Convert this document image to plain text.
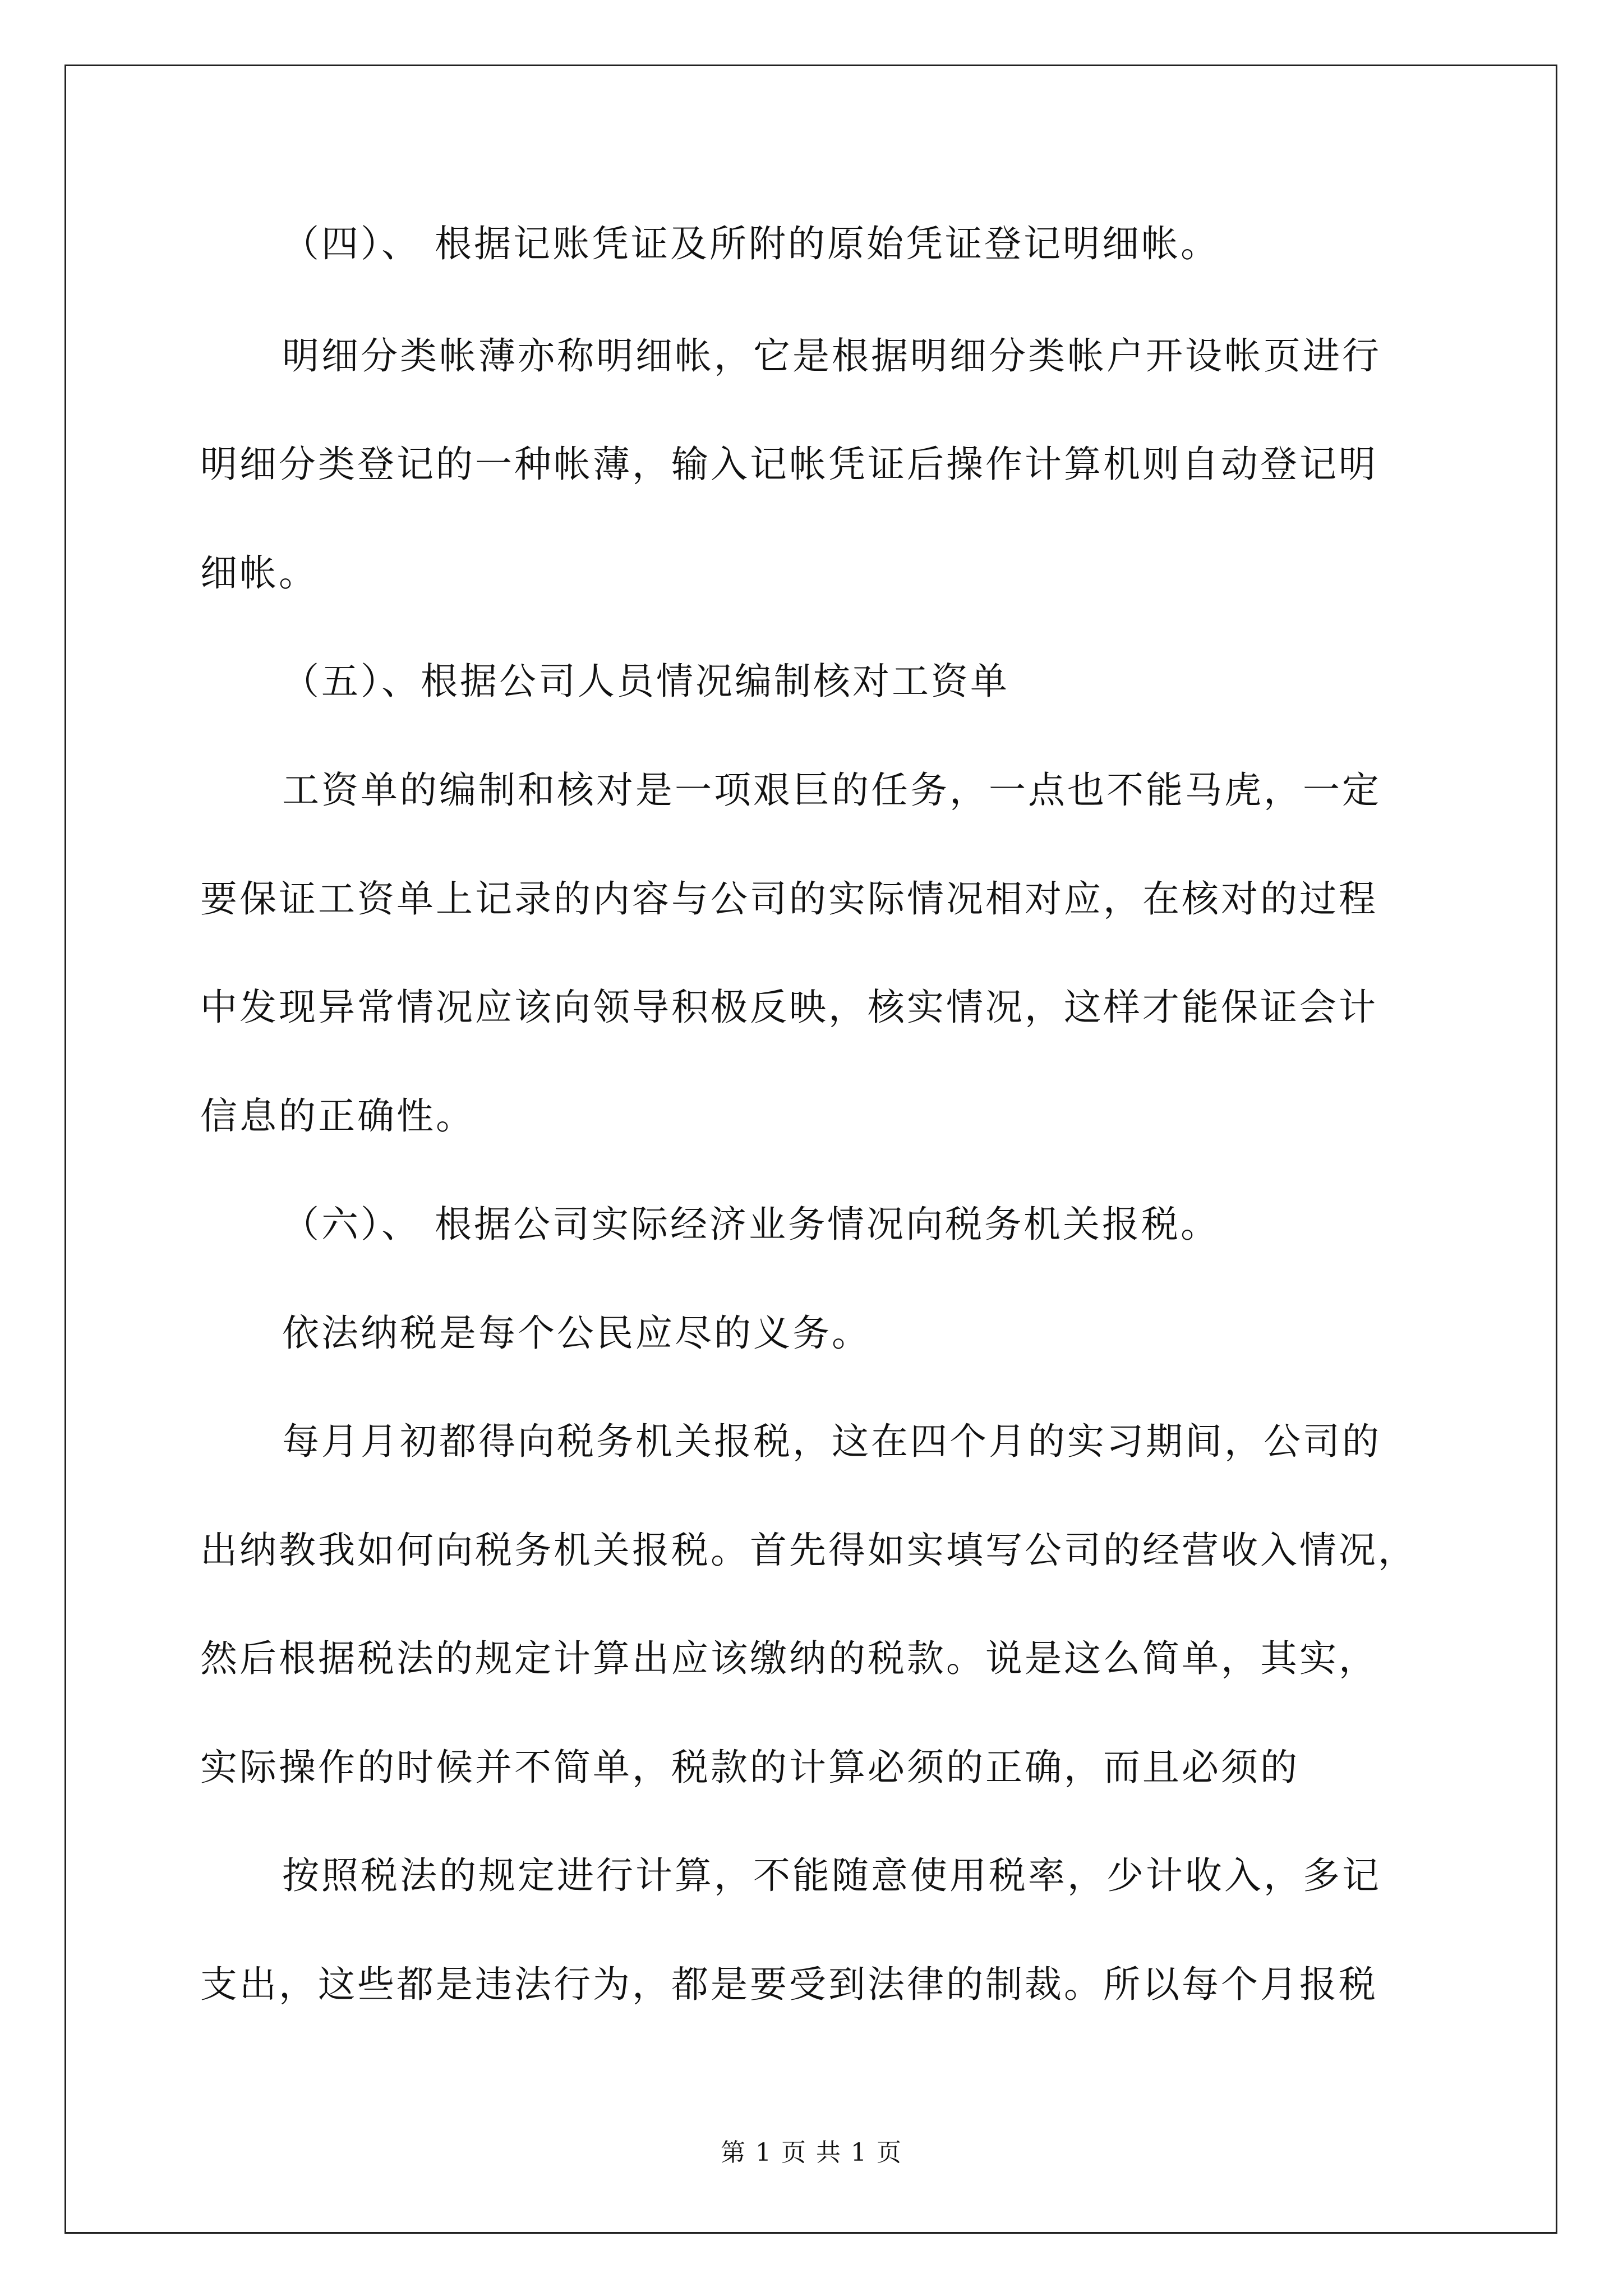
（四）、 根据记账凭证及所附的原始凭证登记明细帐。
明细分类帐薄亦称明细帐，它是根据明细分类帐户开设帐页进行
明细分类登记的一种帐薄，输入记帐凭证后操作计算机则自动登记明
细帐。
（五）、根据公司人员情况编制核对工资单
工资单的编制和核对是一项艰巨的任务，一点也不能马虎，一定
要保证工资单上记录的内容与公司的实际情况相对应，在核对的过程
中发现异常情况应该向领导积极反映，核实情况，这样才能保证会计
信息的正确性。
（六）、 根据公司实际经济业务情况向税务机关报税。
依法纳税是每个公民应尽的义务。
每月月初都得向税务机关报税，这在四个月的实习期间，公司的
出纳教我如何向税务机关报税。首先得如实填写公司的经营收入情况，
然后根据税法的规定计算出应该缴纳的税款。说是这么简单，其实，
实际操作的时候并不简单，税款的计算必须的正确，而且必须的
按照税法的规定进行计算，不能随意使用税率，少计收入，多记
支出，这些都是违法行为，都是要受到法律的制裁。所以每个月报税
第 1 页 共 1 页
